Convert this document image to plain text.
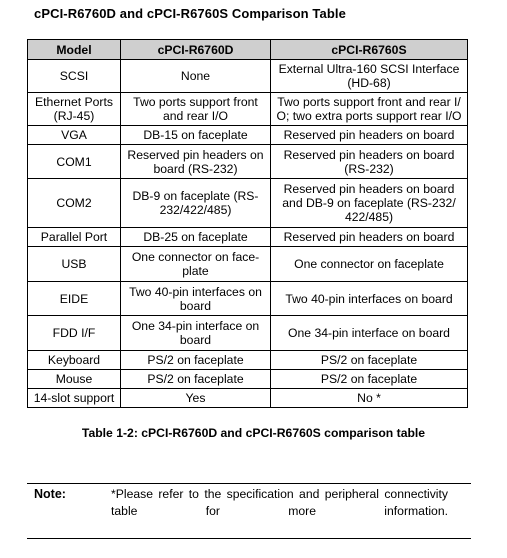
cPCI-R6760D and cPCI-R6760S Comparison Table
Model	cPCI-R6760D	cPCI-R6760S
SCSI	None	External Ultra-160 SCSI Interface (HD-68)
Ethernet Ports (RJ-45)	Two ports support front and rear I/O	Two ports support front and rear I/ O; two extra ports support rear I/O
VGA	DB-15 on faceplate	Reserved pin headers on board
COM1	Reserved pin headers on board (RS-232)	Reserved pin headers on board (RS-232)
COM2	DB-9 on faceplate (RS-232/422/485)	Reserved pin headers on board and DB-9 on faceplate (RS-232/ 422/485)
Parallel Port	DB-25 on faceplate	Reserved pin headers on board
USB	One connector on face-plate	One connector on faceplate
EIDE	Two 40-pin interfaces on board	Two 40-pin interfaces on board
FDD I/F	One 34-pin interface on board	One 34-pin interface on board
Keyboard	PS/2 on faceplate	PS/2 on faceplate
Mouse	PS/2 on faceplate	PS/2 on faceplate
14-slot support	Yes	No *
Table 1-2: cPCI-R6760D and cPCI-R6760S comparison table
Note:	*Please refer to the specification and peripheral connectivity table for more information.
